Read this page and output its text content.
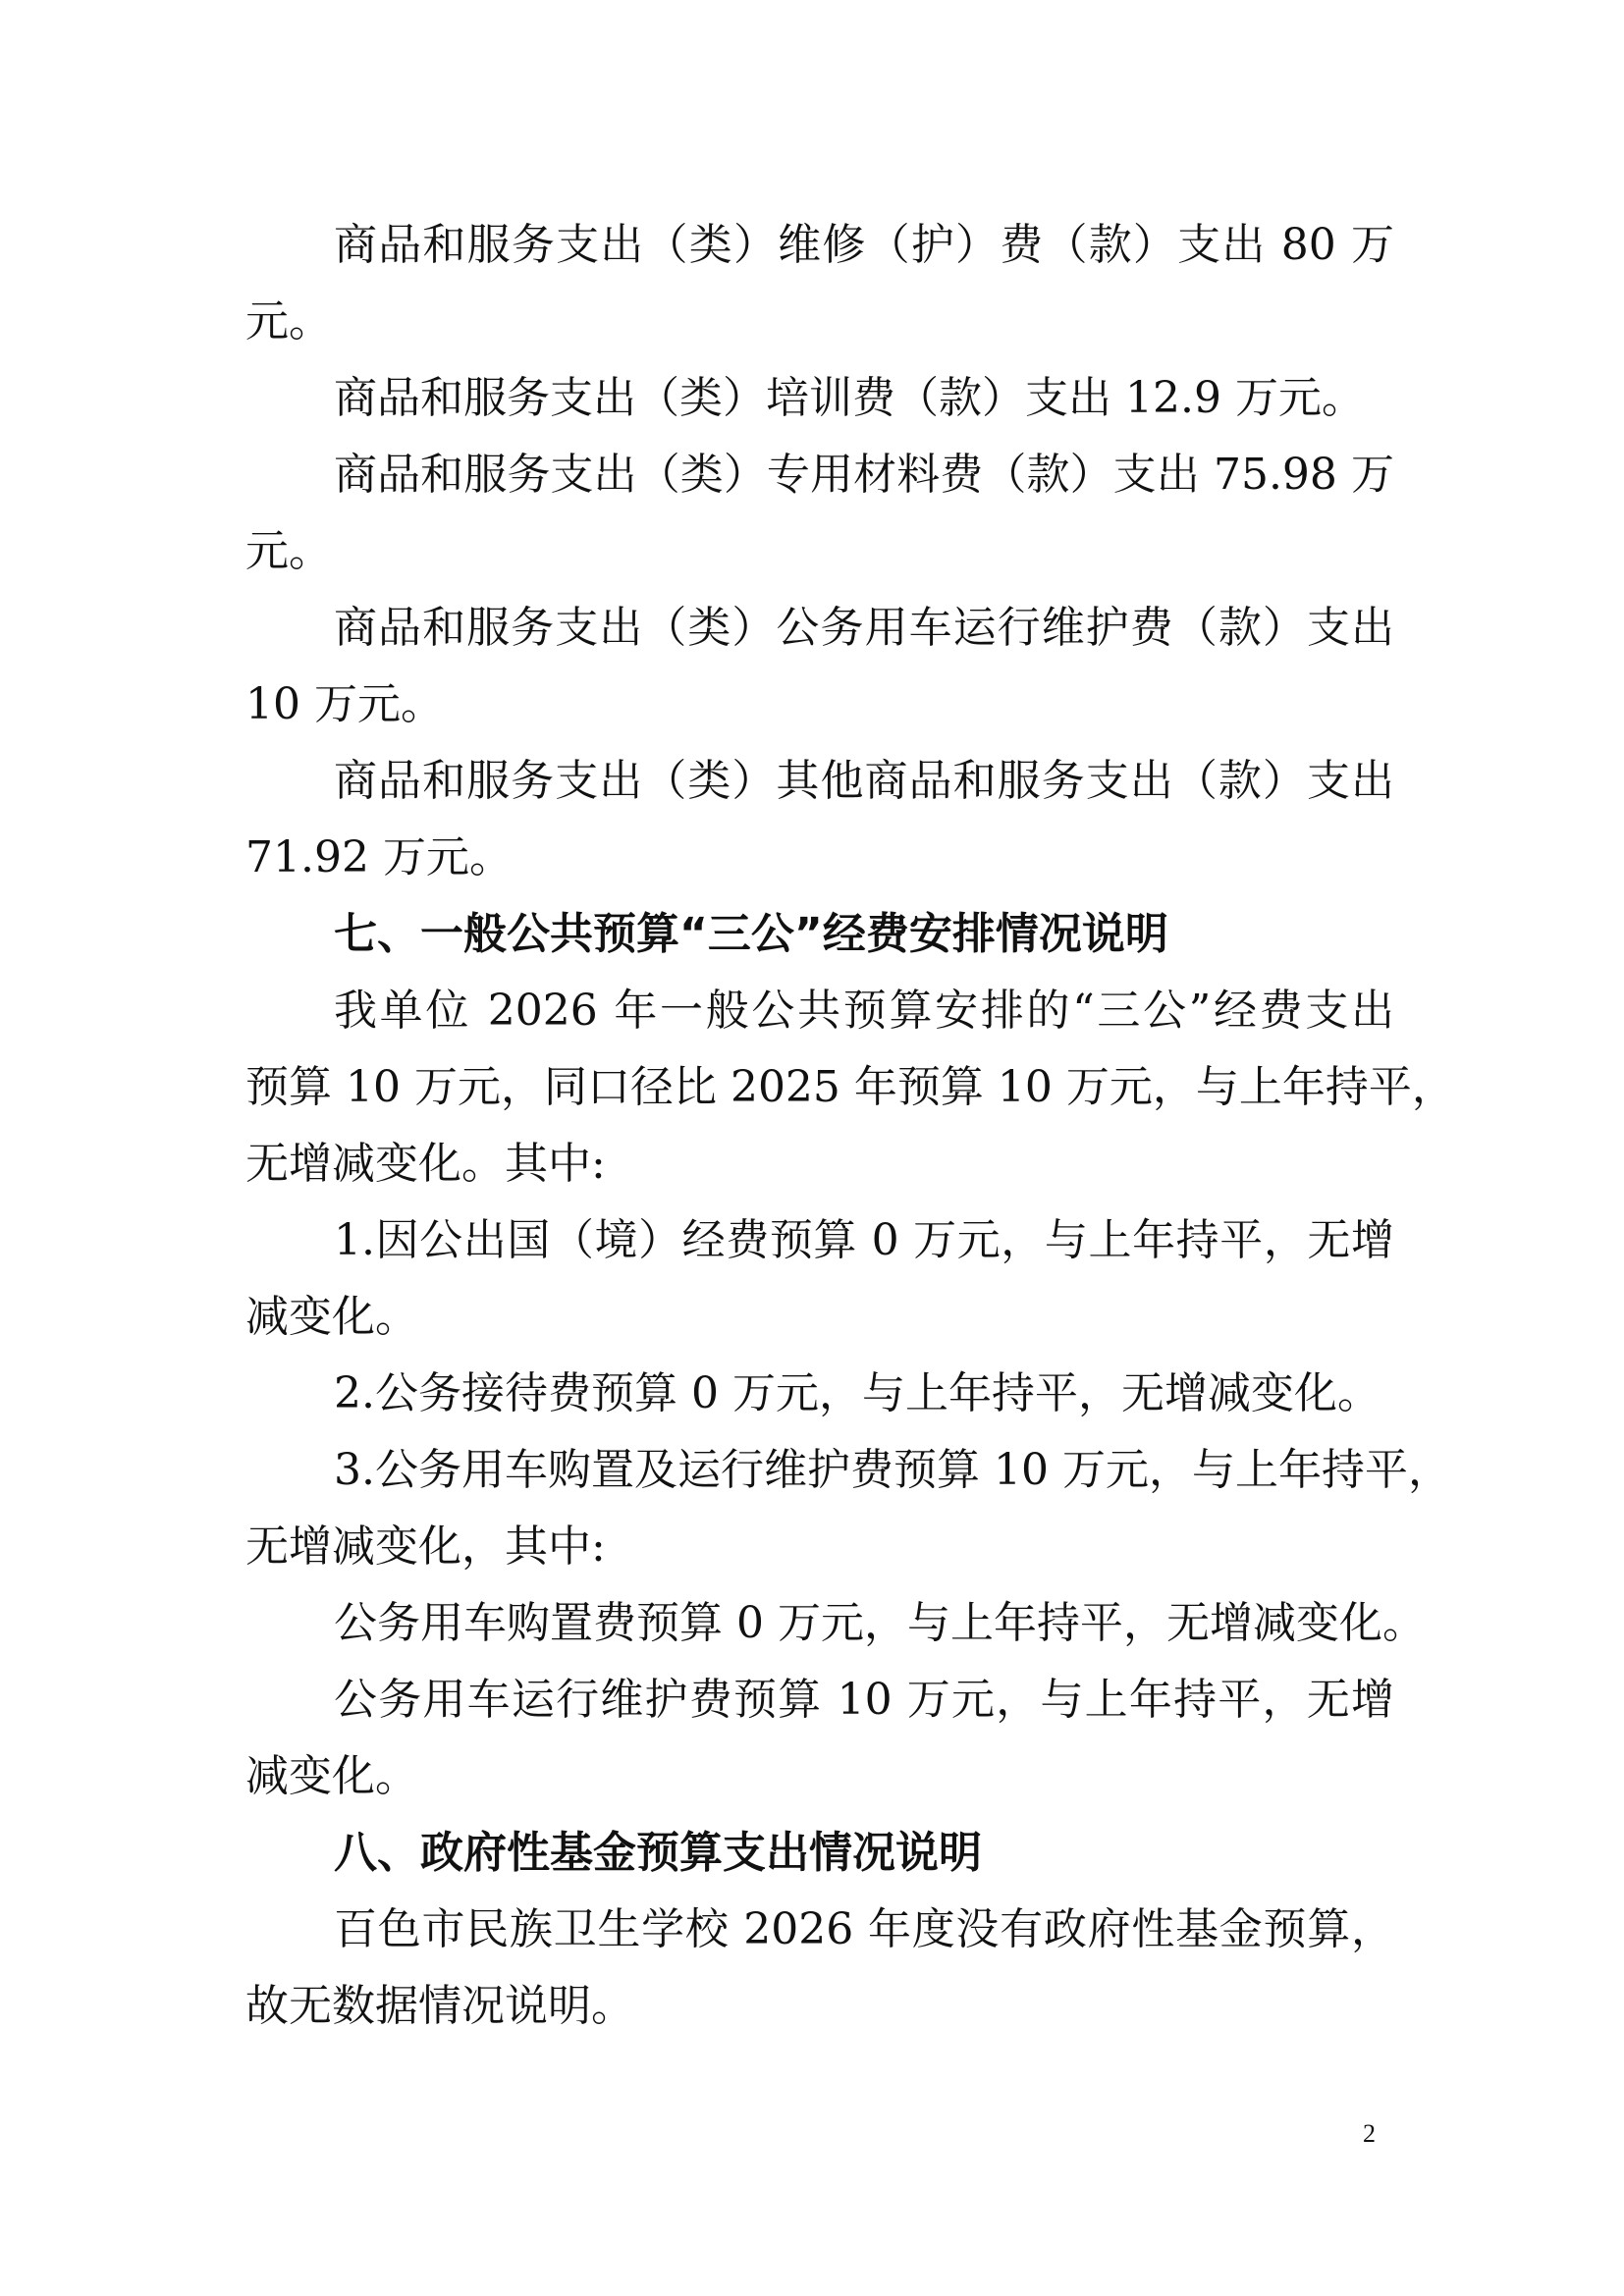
商品和服务支出（类）维修（护）费（款）支出 80 万
元。
商品和服务支出（类）培训费（款）支出 12.9 万元。
商品和服务支出（类）专用材料费（款）支出 75.98 万
元。
商品和服务支出（类）公务用车运行维护费（款）支出
10 万元。
商品和服务支出（类）其他商品和服务支出（款）支出
71.92 万元。
七、一般公共预算“三公”经费安排情况说明
我单位 2026 年一般公共预算安排的“三公”经费支出
预算 10 万元，同口径比 2025 年预算 10 万元，与上年持平，
无增减变化。其中:
1.因公出国（境）经费预算 0 万元，与上年持平，无增
减变化。
2.公务接待费预算 0 万元，与上年持平，无增减变化。
3.公务用车购置及运行维护费预算 10 万元，与上年持平，
无增减变化，其中:
公务用车购置费预算 0 万元，与上年持平，无增减变化。
公务用车运行维护费预算 10 万元，与上年持平，无增
减变化。
八、政府性基金预算支出情况说明
百色市民族卫生学校 2026 年度没有政府性基金预算，
故无数据情况说明。
2
